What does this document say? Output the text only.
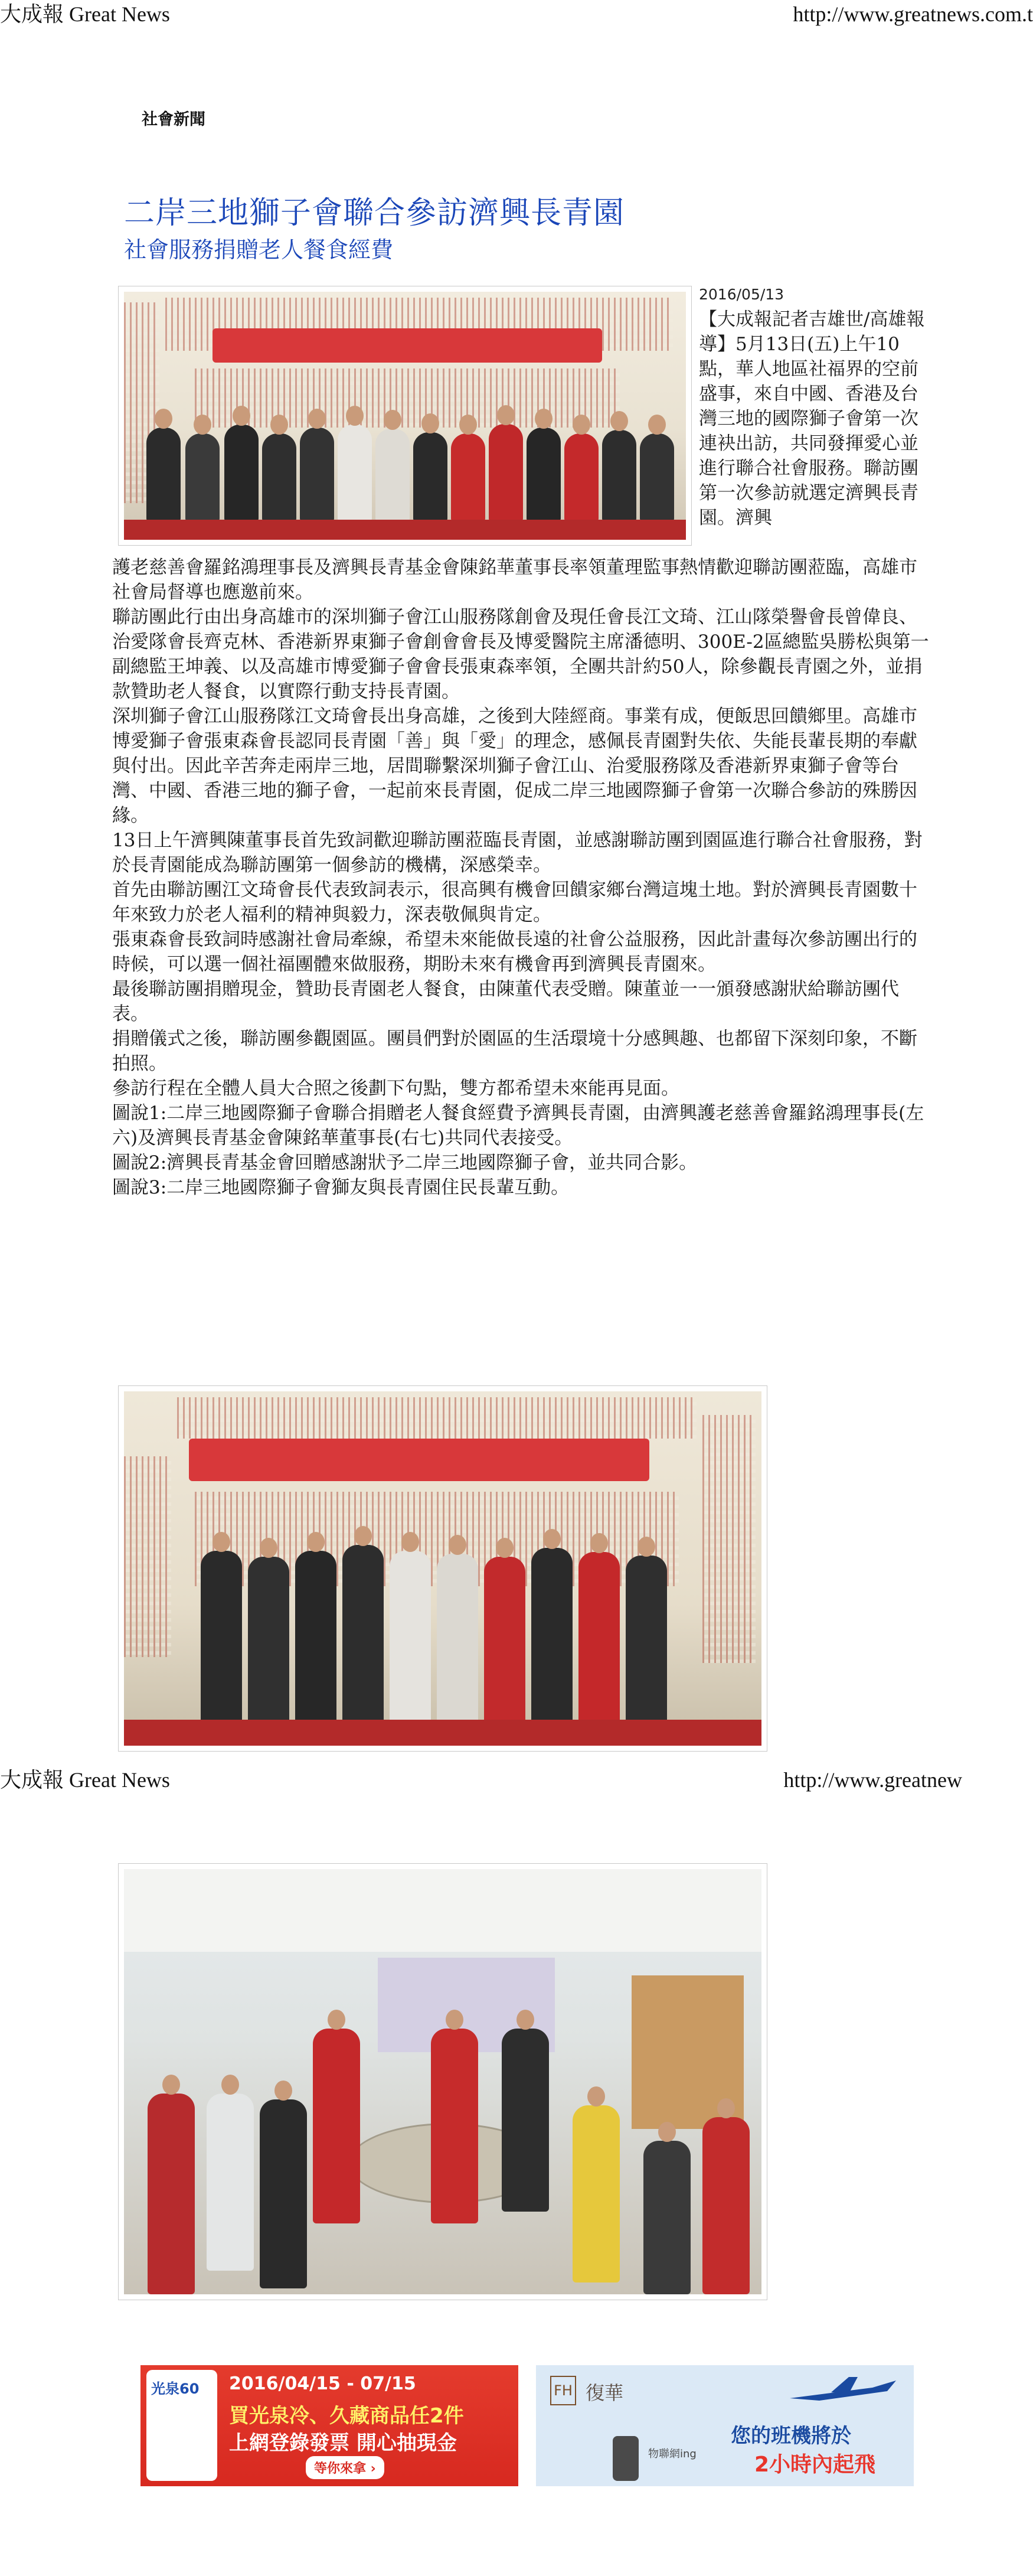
大成報 Great News	http://www.greatnews.com.t
社會新聞
二岸三地獅子會聯合參訪濟興長青園
社會服務捐贈老人餐食經費
2016/05/13

【大成報記者吉雄世/高雄報導】5月13日(五)上午10點，華人地區社福界的空前盛事，來自中國、香港及台灣三地的國際獅子會第一次連袂出訪，共同發揮愛心並進行聯合社會服務。聯訪團第一次參訪就選定濟興長青園。濟興

護老慈善會羅銘鴻理事長及濟興長青基金會陳銘華董事長率領董理監事熱情歡迎聯訪團蒞臨，高雄市社會局督導也應邀前來。

聯訪團此行由出身高雄市的深圳獅子會江山服務隊創會及現任會長江文琦、江山隊榮譽會長曾偉良、治愛隊會長齊克林、香港新界東獅子會創會會長及博愛醫院主席潘德明、300E-2區總監吳勝松與第一副總監王坤義、以及高雄市博愛獅子會會長張東森率領，全團共計約50人，除參觀長青園之外，並捐款贊助老人餐食，以實際行動支持長青園。

深圳獅子會江山服務隊江文琦會長出身高雄，之後到大陸經商。事業有成，便飯思回饋鄉里。高雄市博愛獅子會張東森會長認同長青園「善」與「愛」的理念，感佩長青園對失依、失能長輩長期的奉獻與付出。因此辛苦奔走兩岸三地，居間聯繫深圳獅子會江山、治愛服務隊及香港新界東獅子會等台灣、中國、香港三地的獅子會，一起前來長青園，促成二岸三地國際獅子會第一次聯合參訪的殊勝因緣。

13日上午濟興陳董事長首先致詞歡迎聯訪團蒞臨長青園，並感謝聯訪團到園區進行聯合社會服務，對於長青園能成為聯訪團第一個參訪的機構，深感榮幸。

首先由聯訪團江文琦會長代表致詞表示，很高興有機會回饋家鄉台灣這塊土地。對於濟興長青園數十年來致力於老人福利的精神與毅力，深表敬佩與肯定。

張東森會長致詞時感謝社會局牽線，希望未來能做長遠的社會公益服務，因此計畫每次參訪團出行的時候，可以選一個社福團體來做服務，期盼未來有機會再到濟興長青園來。

最後聯訪團捐贈現金，贊助長青園老人餐食，由陳董代表受贈。陳董並一一頒發感謝狀給聯訪團代表。

捐贈儀式之後，聯訪團參觀園區。團員們對於園區的生活環境十分感興趣、也都留下深刻印象，不斷拍照。

參訪行程在全體人員大合照之後劃下句點，雙方都希望未來能再見面。

圖說1:二岸三地國際獅子會聯合捐贈老人餐食經費予濟興長青園，由濟興護老慈善會羅銘鴻理事長(左六)及濟興長青基金會陳銘華董事長(右七)共同代表接受。

圖說2:濟興長青基金會回贈感謝狀予二岸三地國際獅子會，並共同合影。

圖說3:二岸三地國際獅子會獅友與長青園住民長輩互動。

大成報 Great News	http://www.greatnew
光泉60 2016/04/15 - 07/15
買光泉冷、久藏商品任2件
上網登錄發票 開心抽現金
等你來拿 ›
FH 復華
物聯網ing
您的班機將於
2小時內起飛
